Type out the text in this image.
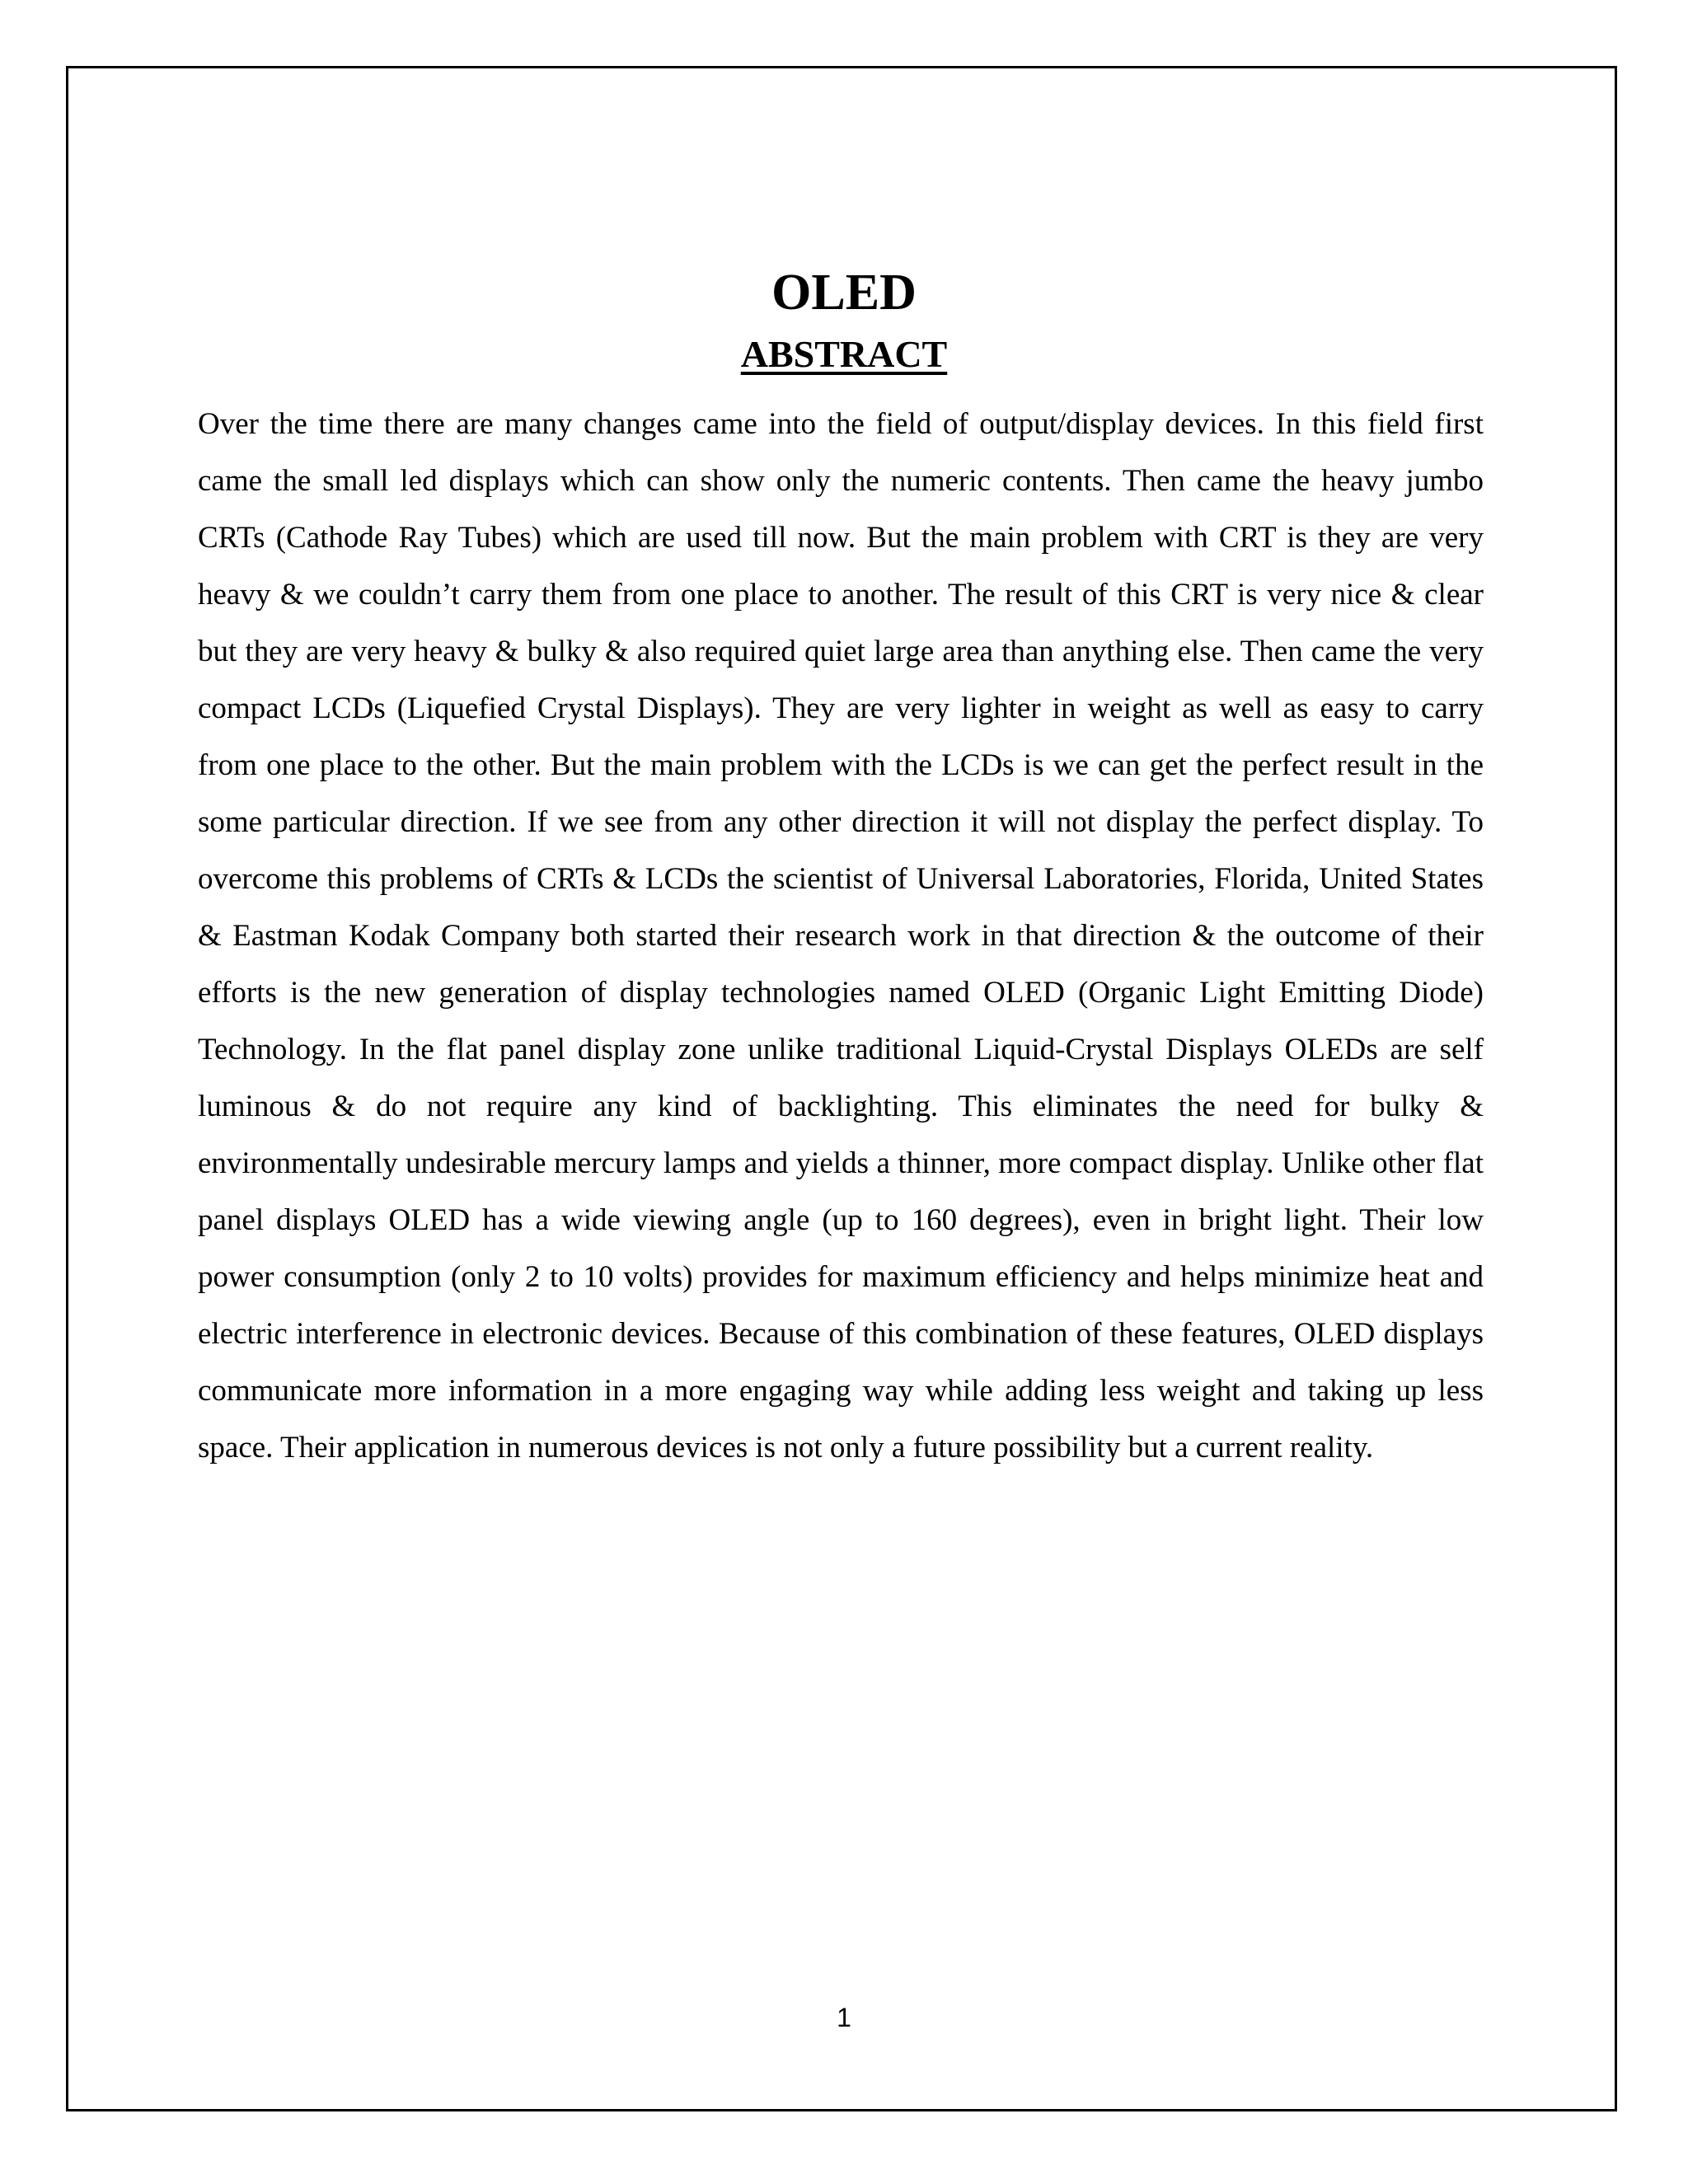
OLED
ABSTRACT

Over the time there are many changes came into the field of output/display devices. In this field first came the small led displays which can show only the numeric contents. Then came the heavy jumbo CRTs (Cathode Ray Tubes) which are used till now. But the main problem with CRT is they are very heavy & we couldn’t carry them from one place to another. The result of this CRT is very nice & clear but they are very heavy & bulky & also required quiet large area than anything else. Then came the very compact LCDs (Liquefied Crystal Displays). They are very lighter in weight as well as easy to carry from one place to the other. But the main problem with the LCDs is we can get the perfect result in the some particular direction. If we see from any other direction it will not display the perfect display. To overcome this problems of CRTs & LCDs the scientist of Universal Laboratories, Florida, United States & Eastman Kodak Company both started their research work in that direction & the outcome of their efforts is the new generation of display technologies named OLED (Organic Light Emitting Diode) Technology. In the flat panel display zone unlike traditional Liquid-Crystal Displays OLEDs are self luminous & do not require any kind of backlighting. This eliminates the need for bulky & environmentally undesirable mercury lamps and yields a thinner, more compact display. Unlike other flat panel displays OLED has a wide viewing angle (up to 160 degrees), even in bright light. Their low power consumption (only 2 to 10 volts) provides for maximum efficiency and helps minimize heat and electric interference in electronic devices. Because of this combination of these features, OLED displays communicate more information in a more engaging way while adding less weight and taking up less space. Their application in numerous devices is not only a future possibility but a current reality.

1
